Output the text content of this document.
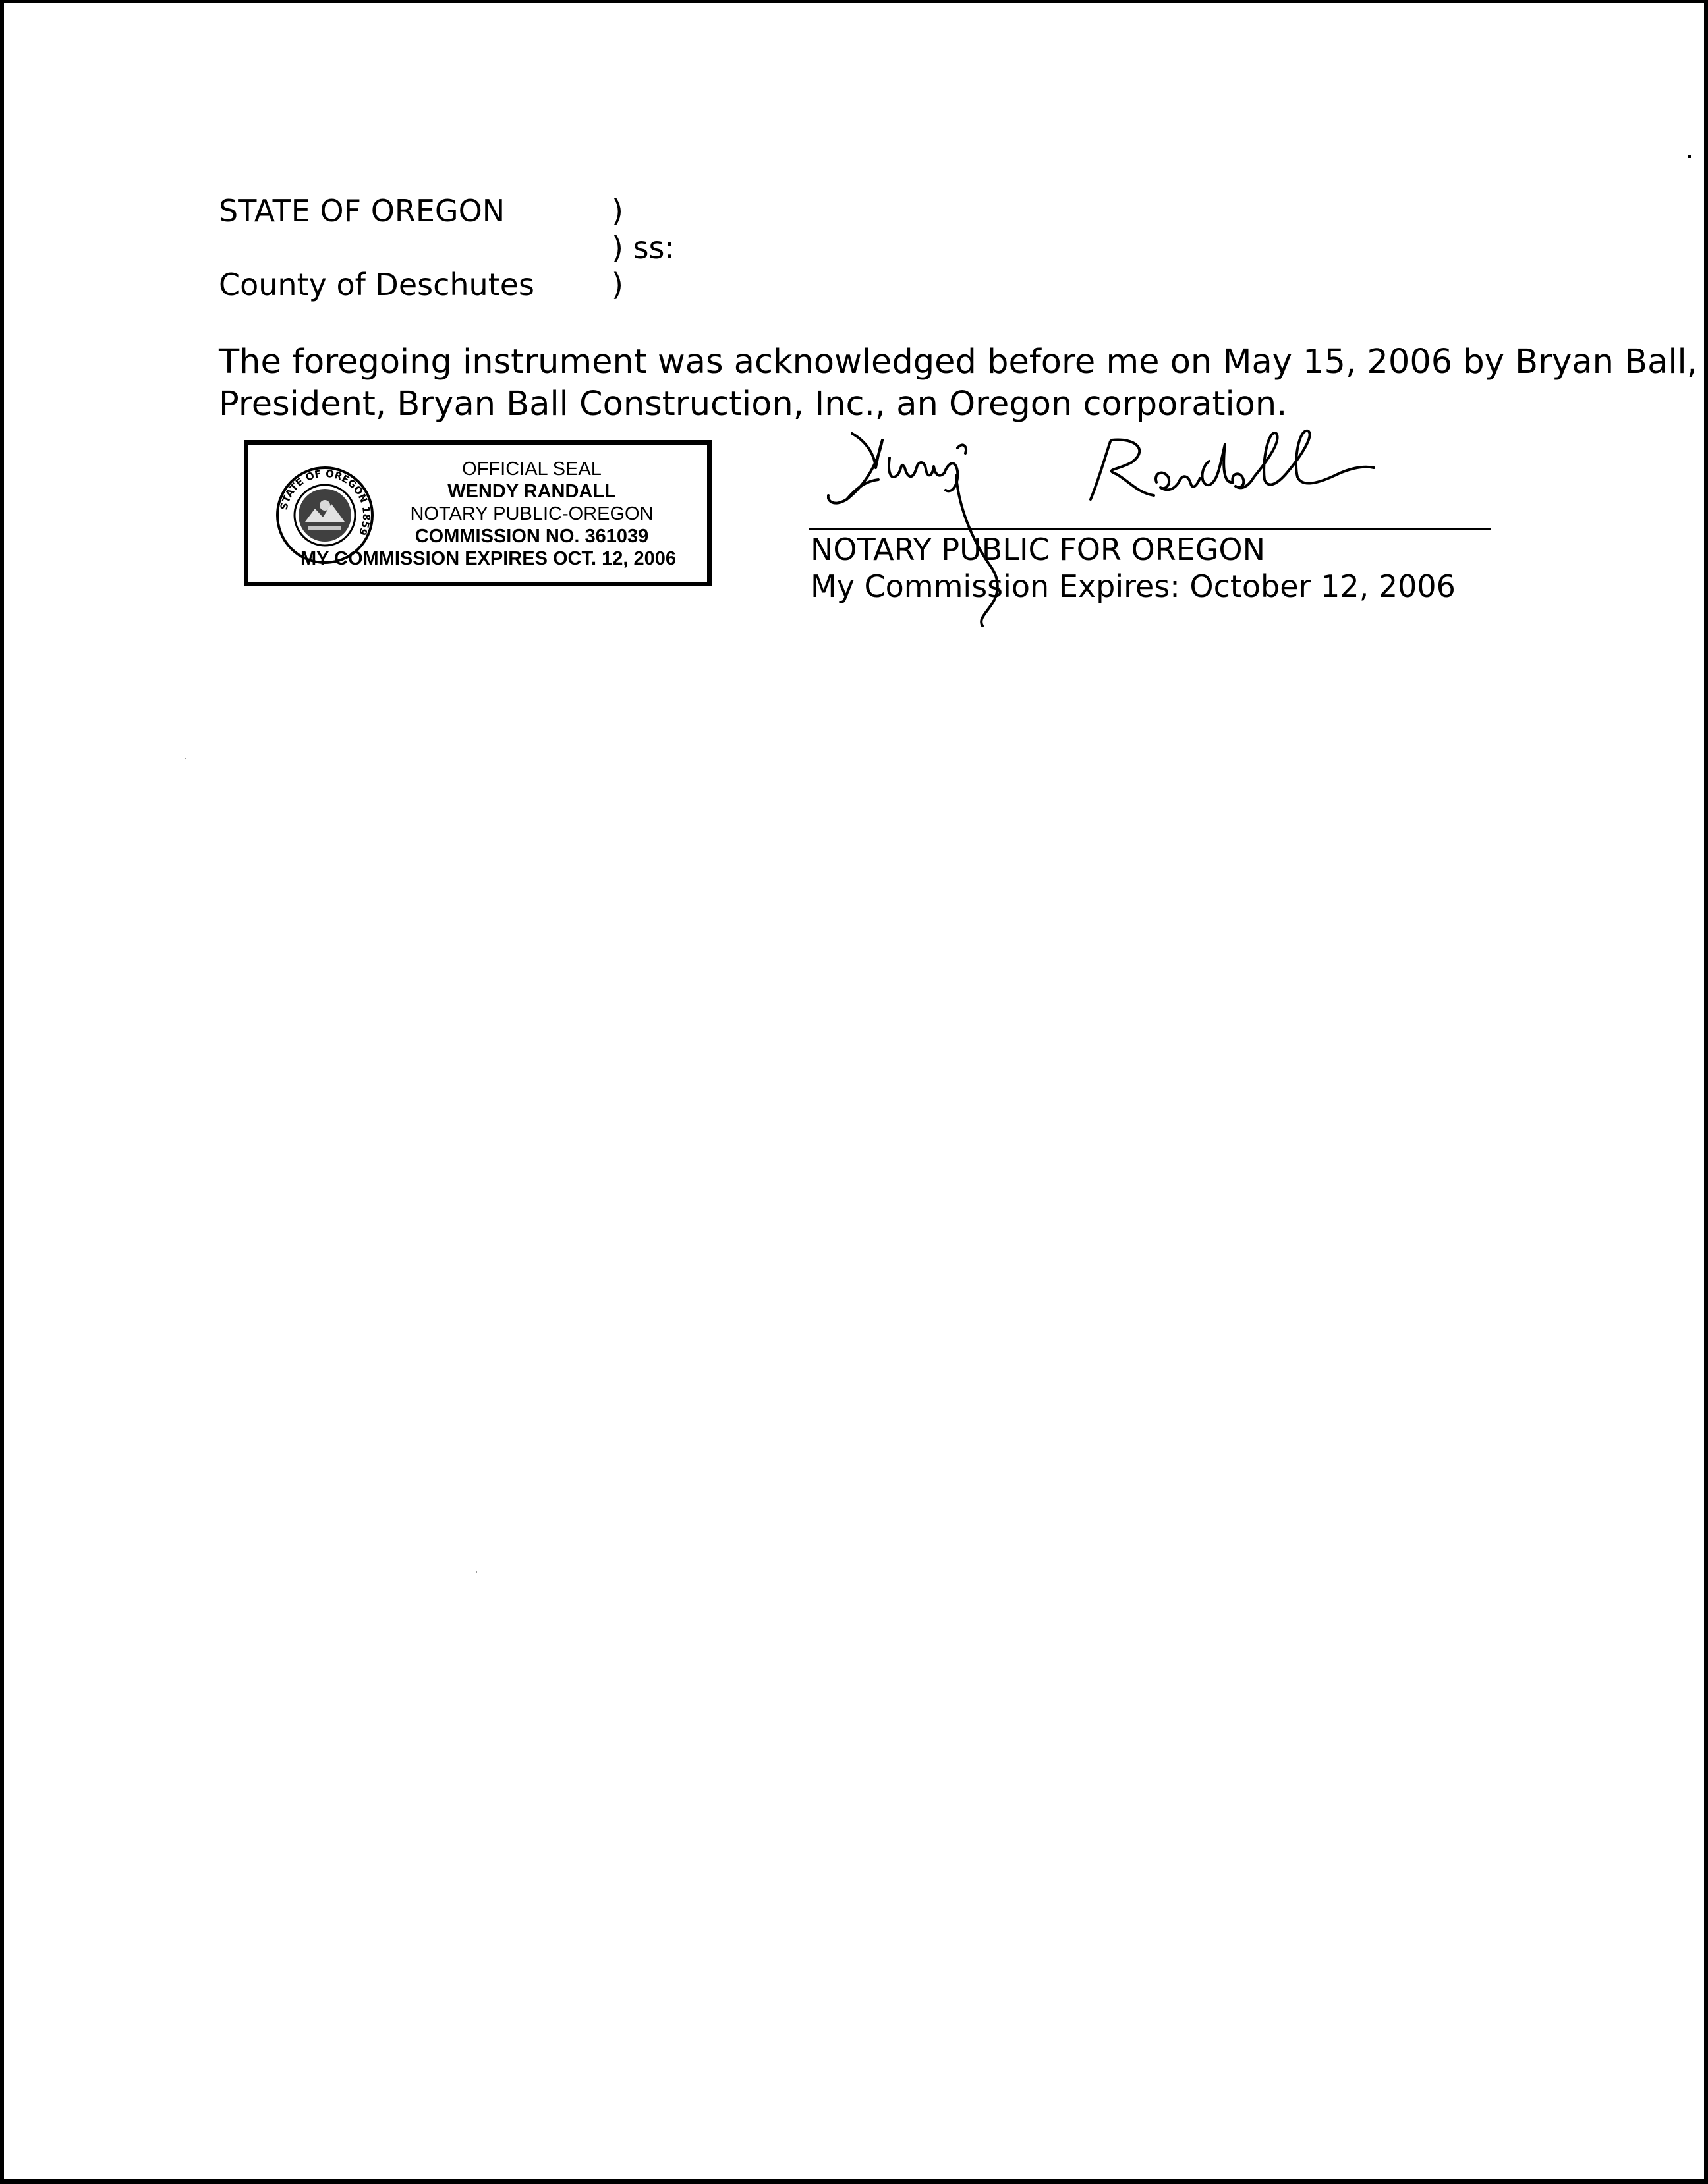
STATE OF OREGON	)
) ss:
County of Deschutes	)
The foregoing instrument was acknowledged before me on May 15, 2006 by Bryan Ball,
President, Bryan Ball Construction, Inc., an Oregon corporation.
STATE OF OREGON 1859
OFFICIAL SEAL
WENDY RANDALL
NOTARY PUBLIC-OREGON
COMMISSION NO. 361039
MY COMMISSION EXPIRES OCT. 12, 2006	NOTARY PUBLIC FOR OREGON
My Commission Expires: October 12, 2006
